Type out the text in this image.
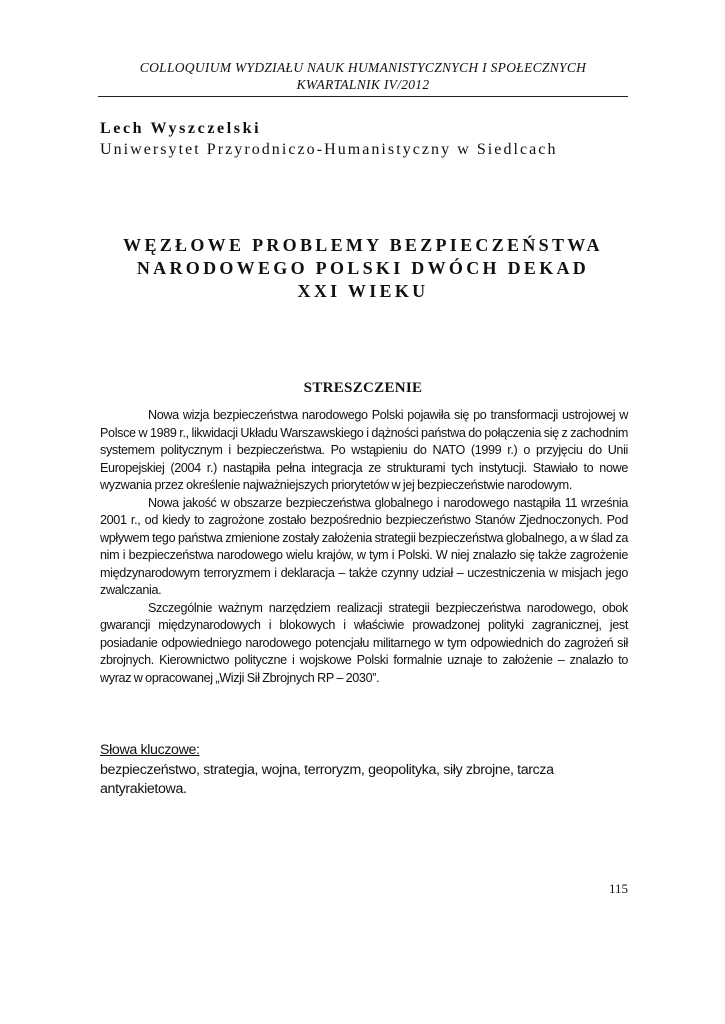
COLLOQUIUM WYDZIAŁU NAUK HUMANISTYCZNYCH I SPOŁECZNYCH
KWARTALNIK IV/2012
Lech Wyszczelski
Uniwersytet Przyrodniczo-Humanistyczny w Siedlcach
WĘZŁOWE PROBLEMY BEZPIECZEŃSTWA
NARODOWEGO POLSKI DWÓCH DEKAD
XXI WIEKU
STRESZCZENIE

Nowa wizja bezpieczeństwa narodowego Polski pojawiła się po transformacji ustrojowej w Polsce w 1989 r., likwidacji Układu Warszawskiego i dążności państwa do połączenia się z zachodnim systemem politycznym i bezpieczeństwa. Po wstąpieniu do NATO (1999 r.) o przyjęciu do Unii Europejskiej (2004 r.) nastąpiła pełna integracja ze strukturami tych instytucji. Stawiało to nowe wyzwania przez określenie najważniejszych priorytetów w jej bezpieczeństwie narodowym.

Nowa jakość w obszarze bezpieczeństwa globalnego i narodowego nastąpiła 11 września 2001 r., od kiedy to zagrożone zostało bezpośrednio bezpieczeństwo Stanów Zjednoczonych. Pod wpływem tego państwa zmienione zostały założenia strategii bezpieczeństwa globalnego, a w ślad za nim i bezpieczeństwa narodowego wielu krajów, w tym i Polski. W niej znalazło się także zagrożenie międzynarodowym terroryzmem i deklaracja – także czynny udział – uczestniczenia w misjach jego zwalczania.

Szczególnie ważnym narzędziem realizacji strategii bezpieczeństwa narodowego, obok gwarancji międzynarodowych i blokowych i właściwie prowadzonej polityki zagranicznej, jest posiadanie odpowiedniego narodowego potencjału militarnego w tym odpowiednich do zagrożeń sił zbrojnych. Kierownictwo polityczne i wojskowe Polski formalnie uznaje to założenie – znalazło to wyraz w opracowanej „Wizji Sił Zbrojnych RP – 2030”.

Słowa kluczowe:
bezpieczeństwo, strategia, wojna, terroryzm, geopolityka, siły zbrojne, tarcza antyrakietowa.
115
